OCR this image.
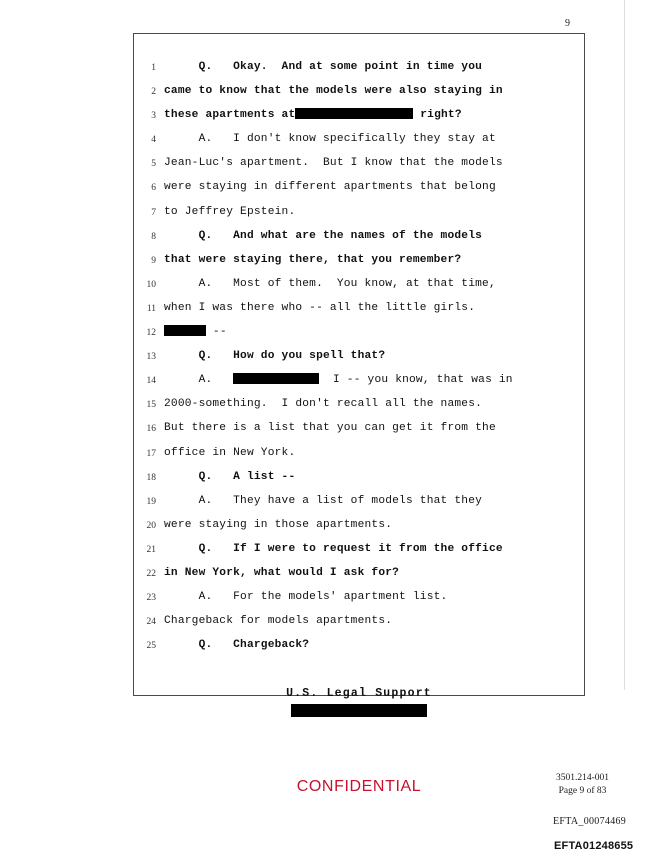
9
1 Q.   Okay.  And at some point in time you
2 came to know that the models were also staying in
3 these apartments at	right?
4 A.   I don't know specifically they stay at
5 Jean-Luc's apartment.  But I know that the models
6 were staying in different apartments that belong
7 to Jeffrey Epstein.
8 Q.   And what are the names of the models
9 that were staying there, that you remember?
10 A.   Most of them.  You know, at that time,
11 when I was there who -- all the little girls.
12	--
13 Q.   How do you spell that?
14 A.	I -- you know, that was in
15 2000-something.  I don't recall all the names.
16 But there is a list that you can get it from the
17 office in New York.
18 Q.   A list --
19 A.   They have a list of models that they
20 were staying in those apartments.
21 Q.   If I were to request it from the office
22 in New York, what would I ask for?
23 A.   For the models' apartment list.
24 Chargeback for models apartments.
25 Q.   Chargeback?
U.S. Legal Support
CONFIDENTIAL	3501.214-001
Page 9 of 83
EFTA_00074469
EFTA01248655
